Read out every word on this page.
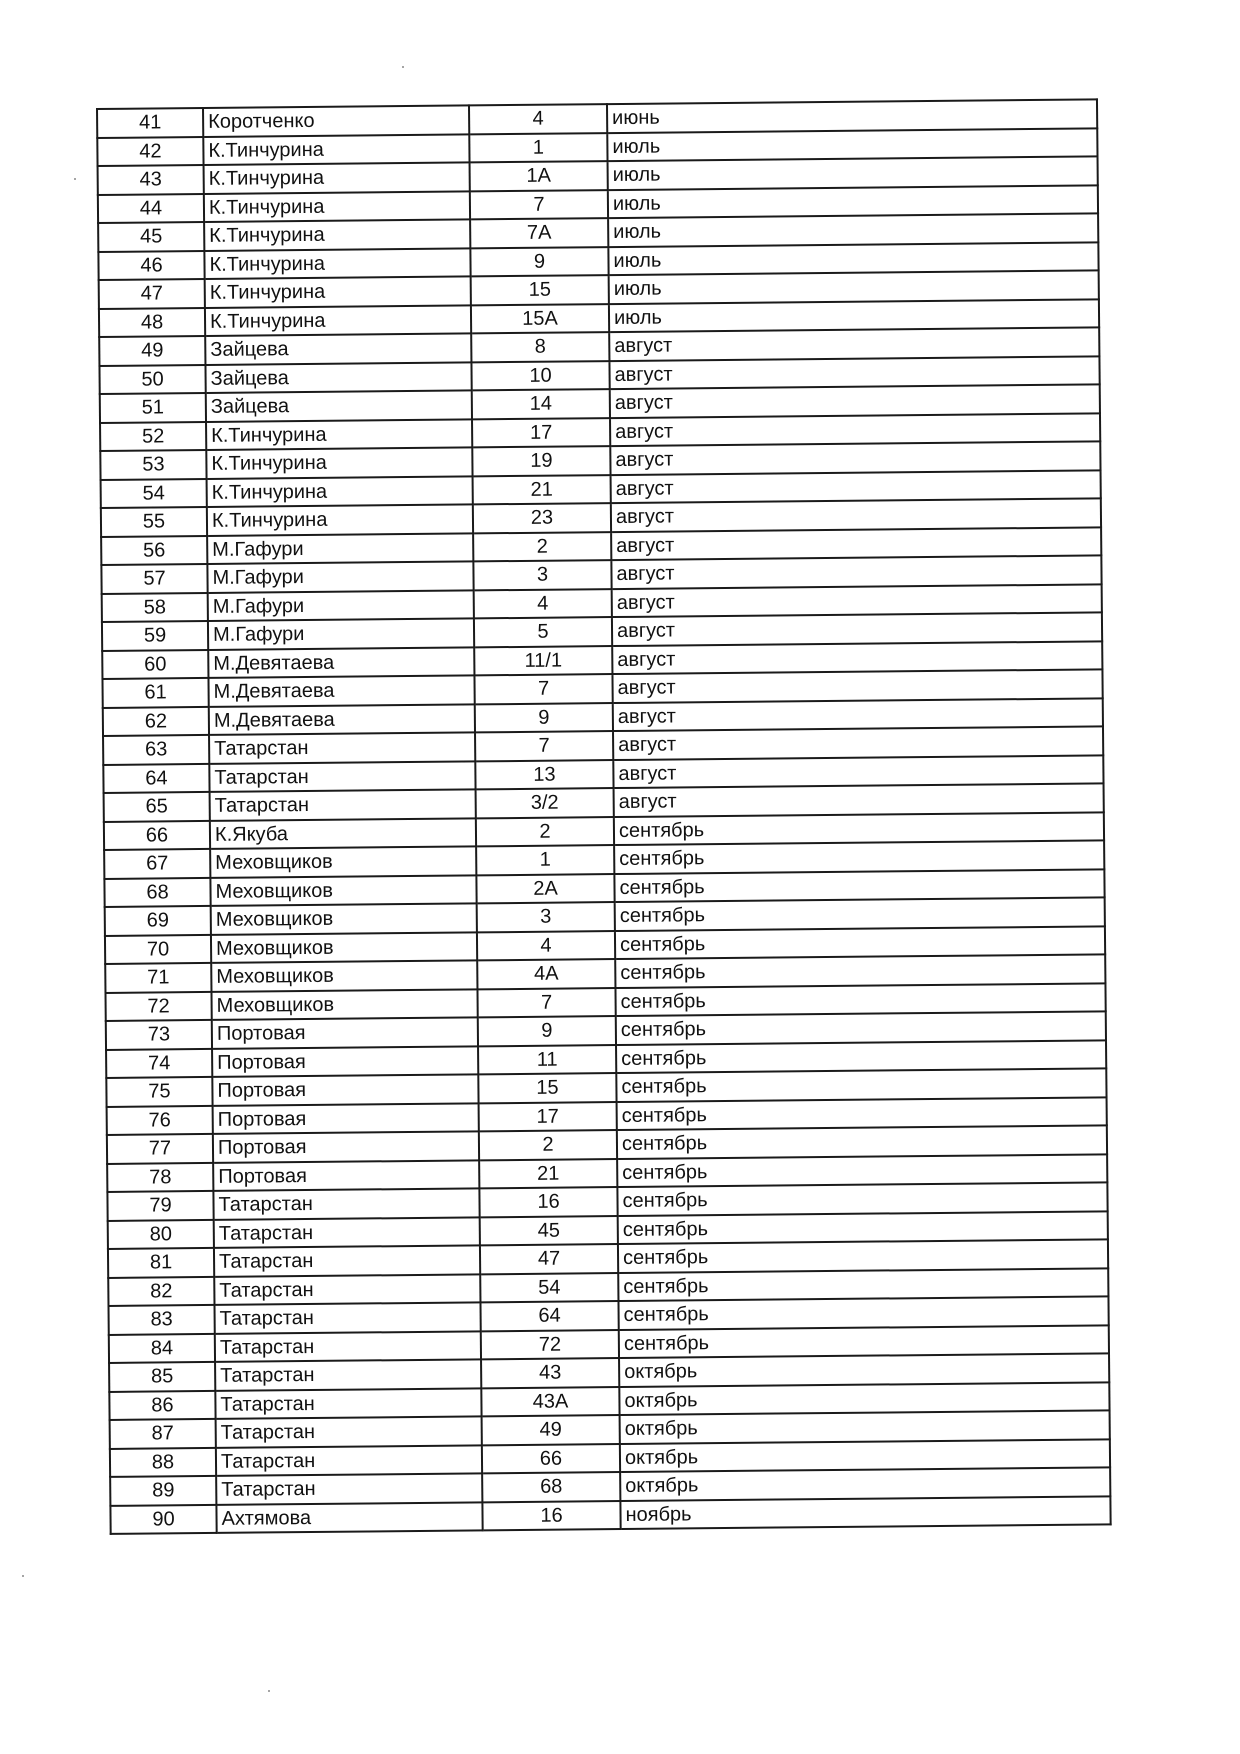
41	Коротченко	4	июнь
42	К.Тинчурина	1	июль
43	К.Тинчурина	1А	июль
44	К.Тинчурина	7	июль
45	К.Тинчурина	7А	июль
46	К.Тинчурина	9	июль
47	К.Тинчурина	15	июль
48	К.Тинчурина	15А	июль
49	Зайцева	8	август
50	Зайцева	10	август
51	Зайцева	14	август
52	К.Тинчурина	17	август
53	К.Тинчурина	19	август
54	К.Тинчурина	21	август
55	К.Тинчурина	23	август
56	М.Гафури	2	август
57	М.Гафури	3	август
58	М.Гафури	4	август
59	М.Гафури	5	август
60	М.Девятаева	11/1	август
61	М.Девятаева	7	август
62	М.Девятаева	9	август
63	Татарстан	7	август
64	Татарстан	13	август
65	Татарстан	3/2	август
66	К.Якуба	2	сентябрь
67	Меховщиков	1	сентябрь
68	Меховщиков	2А	сентябрь
69	Меховщиков	3	сентябрь
70	Меховщиков	4	сентябрь
71	Меховщиков	4А	сентябрь
72	Меховщиков	7	сентябрь
73	Портовая	9	сентябрь
74	Портовая	11	сентябрь
75	Портовая	15	сентябрь
76	Портовая	17	сентябрь
77	Портовая	2	сентябрь
78	Портовая	21	сентябрь
79	Татарстан	16	сентябрь
80	Татарстан	45	сентябрь
81	Татарстан	47	сентябрь
82	Татарстан	54	сентябрь
83	Татарстан	64	сентябрь
84	Татарстан	72	сентябрь
85	Татарстан	43	октябрь
86	Татарстан	43А	октябрь
87	Татарстан	49	октябрь
88	Татарстан	66	октябрь
89	Татарстан	68	октябрь
90	Ахтямова	16	ноябрь
